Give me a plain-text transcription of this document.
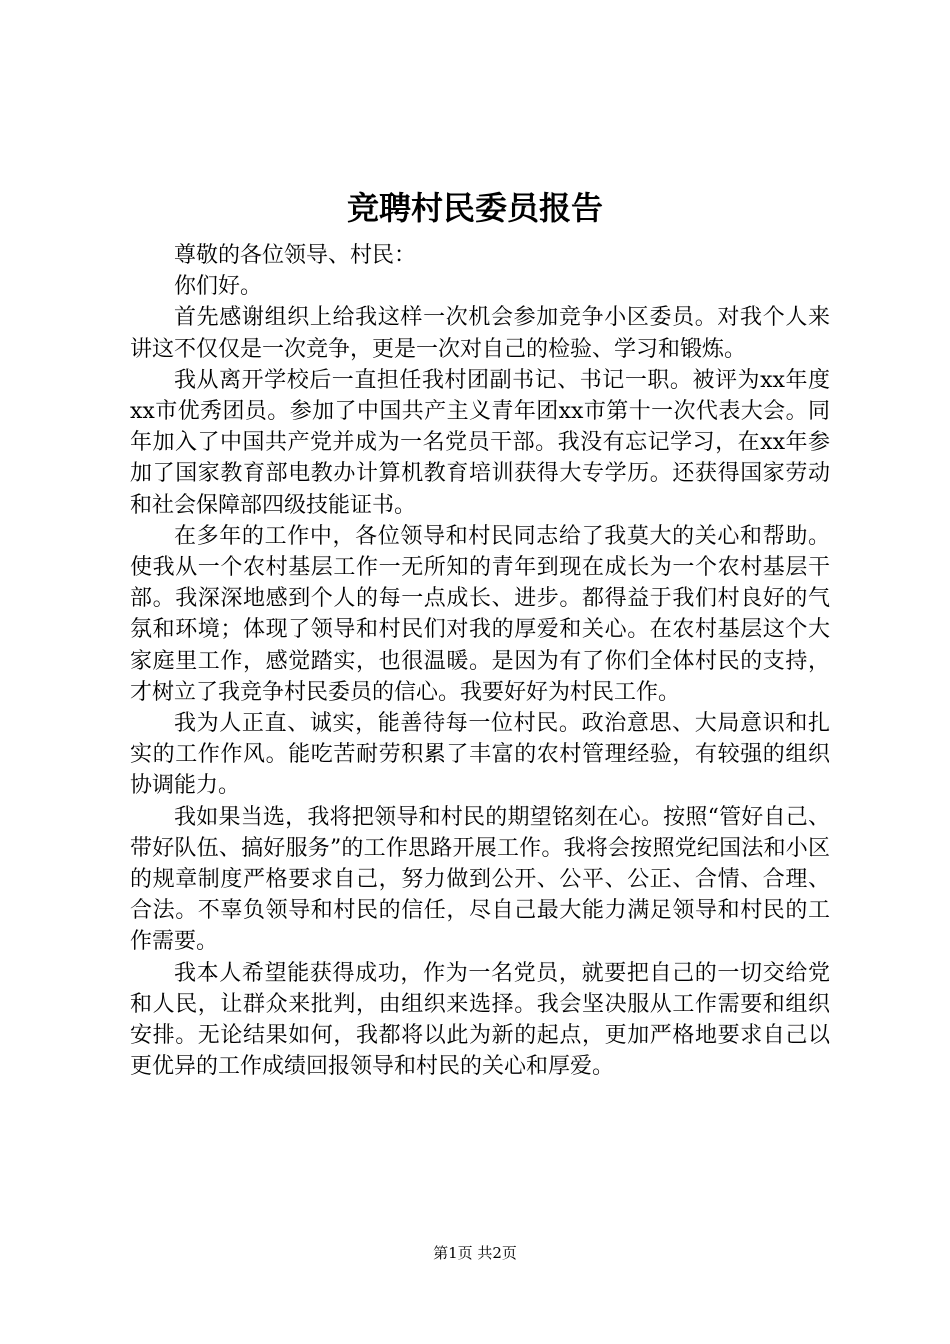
竞聘村民委员报告

尊敬的各位领导、村民：

你们好。

首先感谢组织上给我这样一次机会参加竞争小区委员。对我个人来讲这不仅仅是一次竞争，更是一次对自己的检验、学习和锻炼。

我从离开学校后一直担任我村团副书记、书记一职。被评为xx年度xx市优秀团员。参加了中国共产主义青年团xx市第十一次代表大会。同年加入了中国共产党并成为一名党员干部。我没有忘记学习，在xx年参加了国家教育部电教办计算机教育培训获得大专学历。还获得国家劳动和社会保障部四级技能证书。

在多年的工作中，各位领导和村民同志给了我莫大的关心和帮助。使我从一个农村基层工作一无所知的青年到现在成长为一个农村基层干部。我深深地感到个人的每一点成长、进步。都得益于我们村良好的气氛和环境；体现了领导和村民们对我的厚爱和关心。在农村基层这个大家庭里工作，感觉踏实，也很温暖。是因为有了你们全体村民的支持，才树立了我竞争村民委员的信心。我要好好为村民工作。

我为人正直、诚实，能善待每一位村民。政治意思、大局意识和扎实的工作作风。能吃苦耐劳积累了丰富的农村管理经验，有较强的组织协调能力。

我如果当选，我将把领导和村民的期望铭刻在心。按照“管好自己、带好队伍、搞好服务”的工作思路开展工作。我将会按照党纪国法和小区的规章制度严格要求自己，努力做到公开、公平、公正、合情、合理、合法。不辜负领导和村民的信任，尽自己最大能力满足领导和村民的工作需要。

我本人希望能获得成功，作为一名党员，就要把自己的一切交给党和人民，让群众来批判，由组织来选择。我会坚决服从工作需要和组织安排。无论结果如何，我都将以此为新的起点，更加严格地要求自己以更优异的工作成绩回报领导和村民的关心和厚爱。

第1页 共2页
